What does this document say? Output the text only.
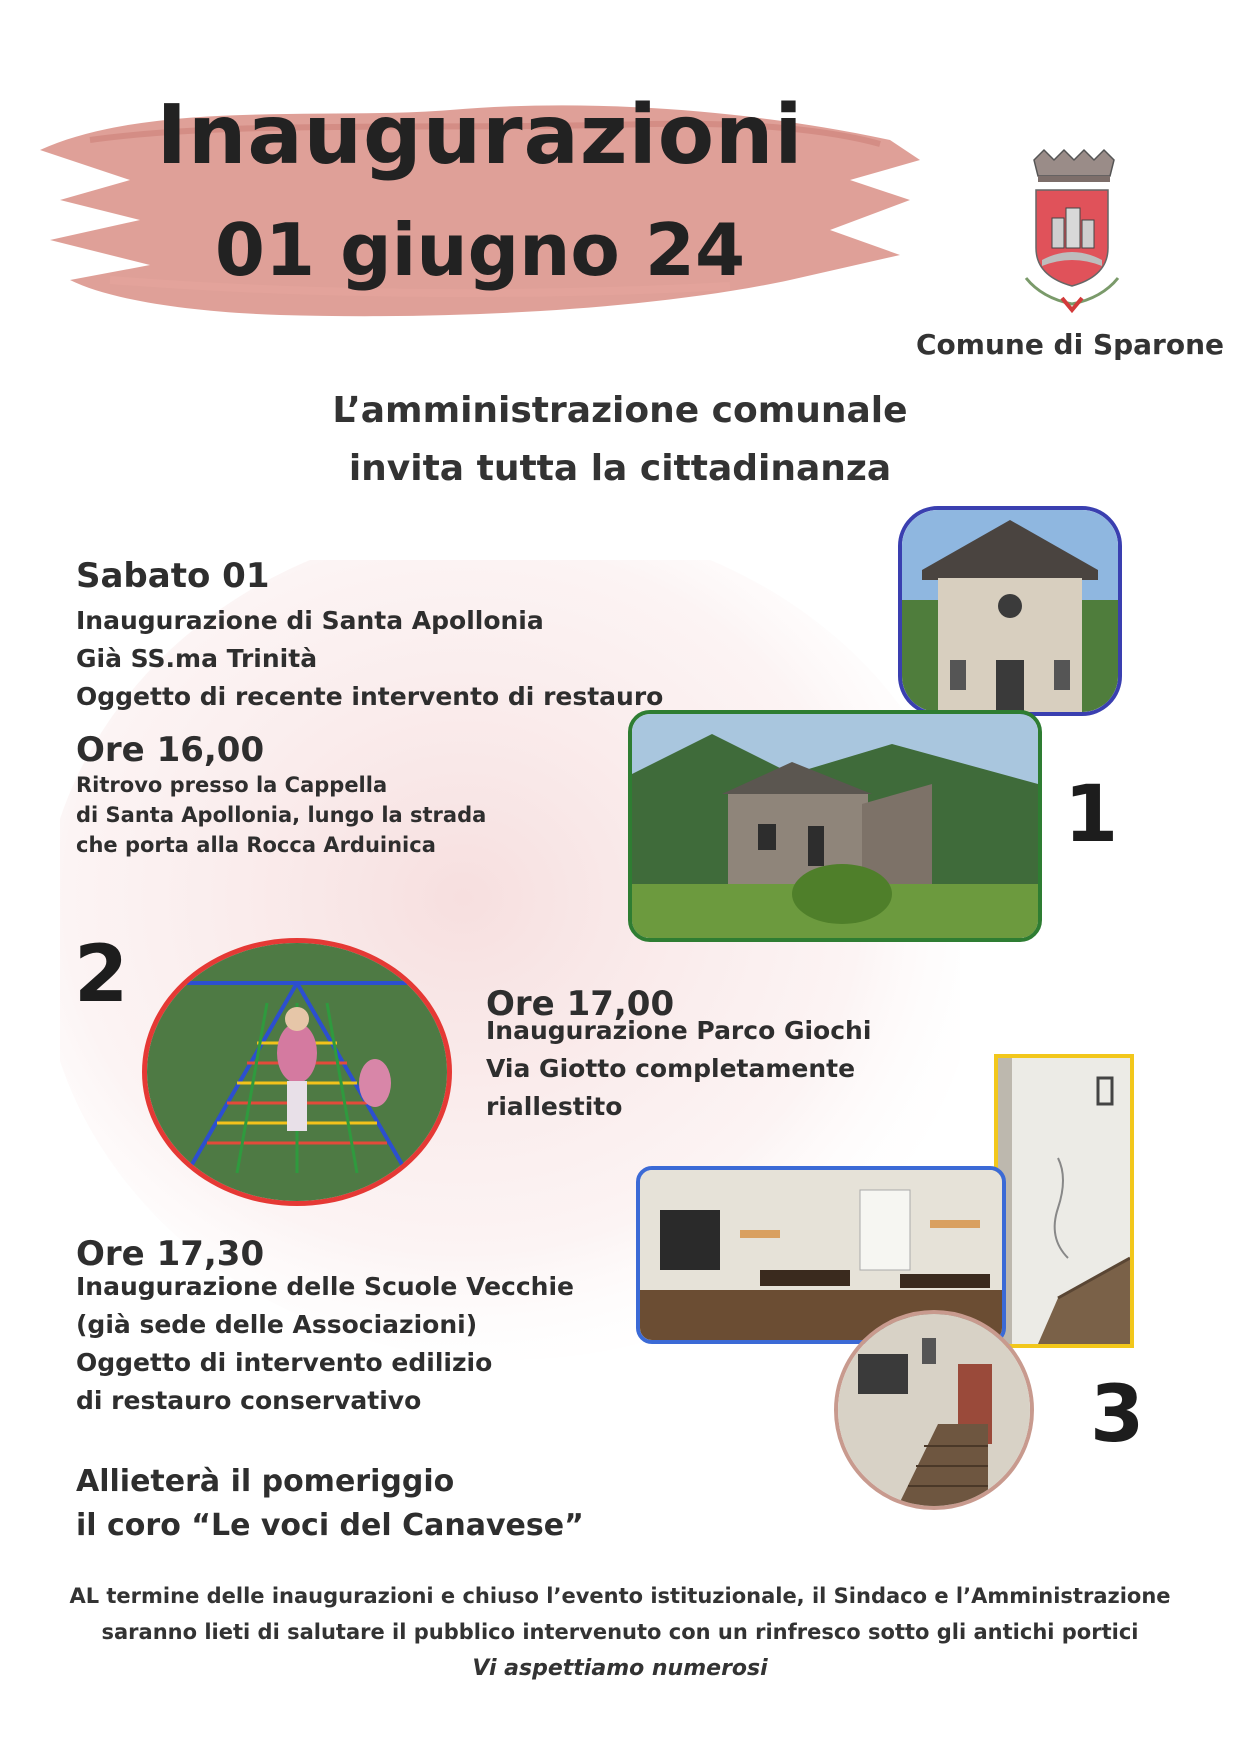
Inaugurazioni
01 giugno 24
Comune di Sparone
L’amministrazione comunale
invita tutta la cittadinanza
Sabato 01
Inaugurazione di Santa Apollonia
Già SS.ma Trinità
Oggetto di recente intervento di restauro
Ore 16,00
Ritrovo presso la Cappella
di Santa Apollonia, lungo la strada
che porta alla Rocca Arduinica	1
2	Ore 17,00
Inaugurazione Parco Giochi
Via Giotto completamente
riallestito
3
Ore 17,30
Inaugurazione delle Scuole Vecchie
(già sede delle Associazioni)
Oggetto di intervento edilizio
di restauro conservativo
Allieterà il pomeriggio
il coro “Le voci del Canavese”
AL termine delle inaugurazioni e chiuso l’evento istituzionale, il Sindaco e l’Amministrazione
saranno lieti di salutare il pubblico intervenuto con un rinfresco sotto gli antichi portici
Vi aspettiamo numerosi
